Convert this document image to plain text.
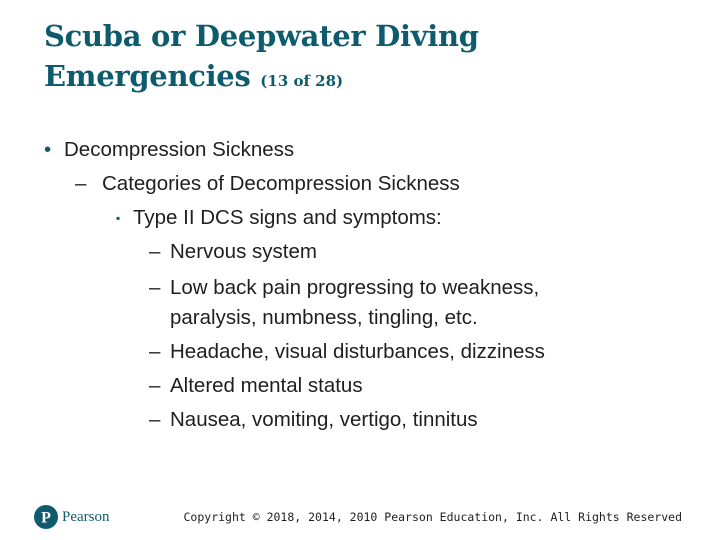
Scuba or Deepwater Diving
Emergencies (13 of 28)
• Decompression Sickness
– Categories of Decompression Sickness
▪ Type II DCS signs and symptoms:
– Nervous system
– Low back pain progressing to weakness,
paralysis, numbness, tingling, etc.
– Headache, visual disturbances, dizziness
– Altered mental status
– Nausea, vomiting, vertigo, tinnitus
P Pearson	Copyright © 2018, 2014, 2010 Pearson Education, Inc. All Rights Reserved
